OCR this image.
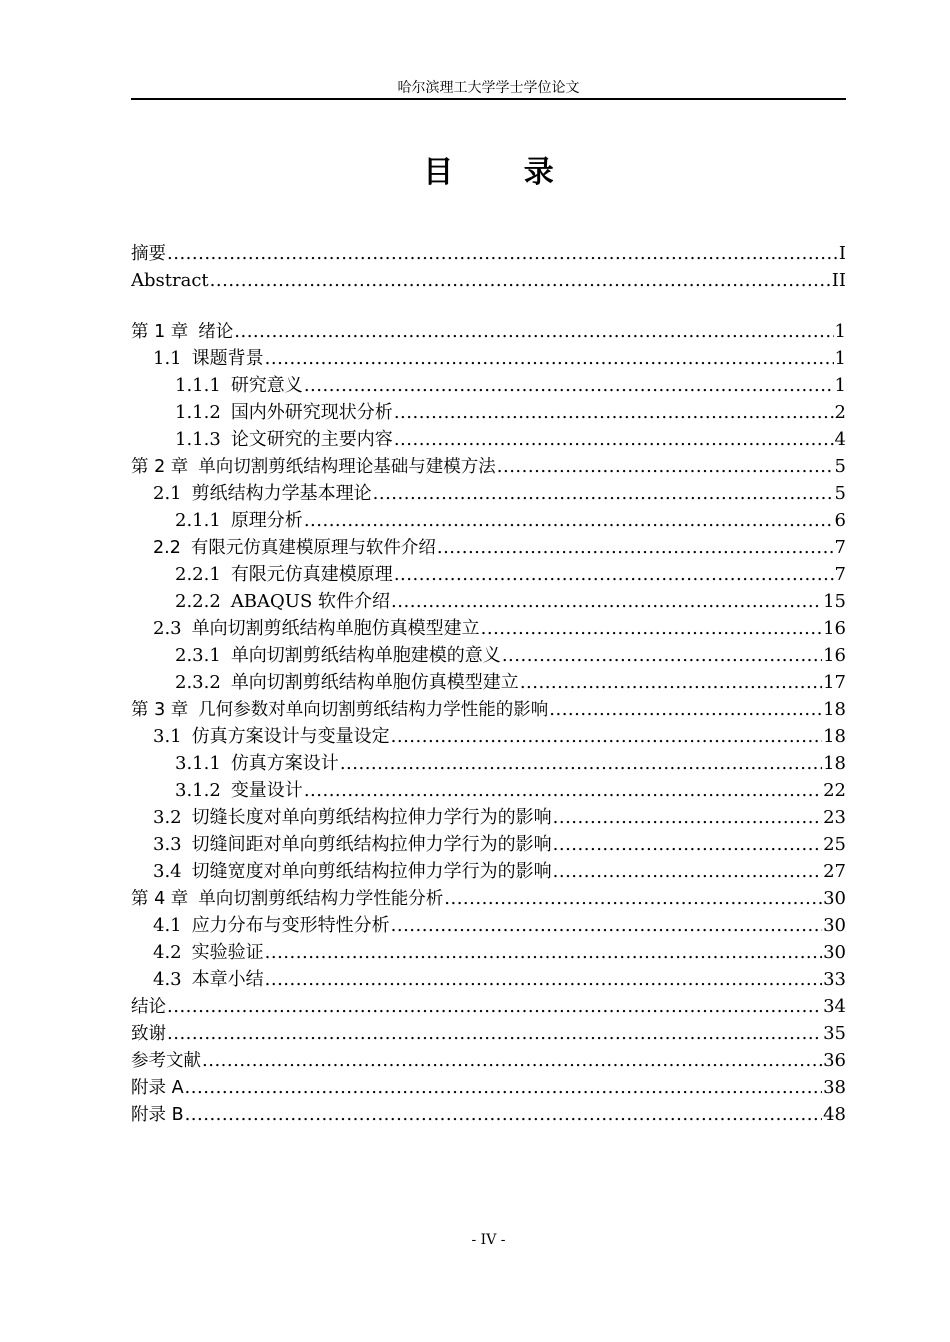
哈尔滨理工大学学士学位论文
目 录
摘要 .....	I
Abstract .....	II
第 1 章 绪论 .....	1
1.1 课题背景 .....	1
1.1.1 研究意义 .....	1
1.1.2 国内外研究现状分析 .....	2
1.1.3 论文研究的主要内容 .....	4
第 2 章 单向切割剪纸结构理论基础与建模方法 .....	5
2.1 剪纸结构力学基本理论 .....	5
2.1.1 原理分析 .....	6
2.2 有限元仿真建模原理与软件介绍 .....	7
2.2.1 有限元仿真建模原理 .....	7
2.2.2 ABAQUS 软件介绍 .....	15
2.3 单向切割剪纸结构单胞仿真模型建立 .....	16
2.3.1 单向切割剪纸结构单胞建模的意义 .....	16
2.3.2 单向切割剪纸结构单胞仿真模型建立 .....	17
第 3 章 几何参数对单向切割剪纸结构力学性能的影响 .....	18
3.1 仿真方案设计与变量设定 .....	18
3.1.1 仿真方案设计 .....	18
3.1.2 变量设计 .....	22
3.2 切缝长度对单向剪纸结构拉伸力学行为的影响 .....	23
3.3 切缝间距对单向剪纸结构拉伸力学行为的影响 .....	25
3.4 切缝宽度对单向剪纸结构拉伸力学行为的影响 .....	27
第 4 章 单向切割剪纸结构力学性能分析 .....	30
4.1 应力分布与变形特性分析 .....	30
4.2 实验验证 .....	30
4.3 本章小结 .....	33
结论 .....	34
致谢 .....	35
参考文献 .....	36
附录 A .....	38
附录 B .....	48
- IV -
